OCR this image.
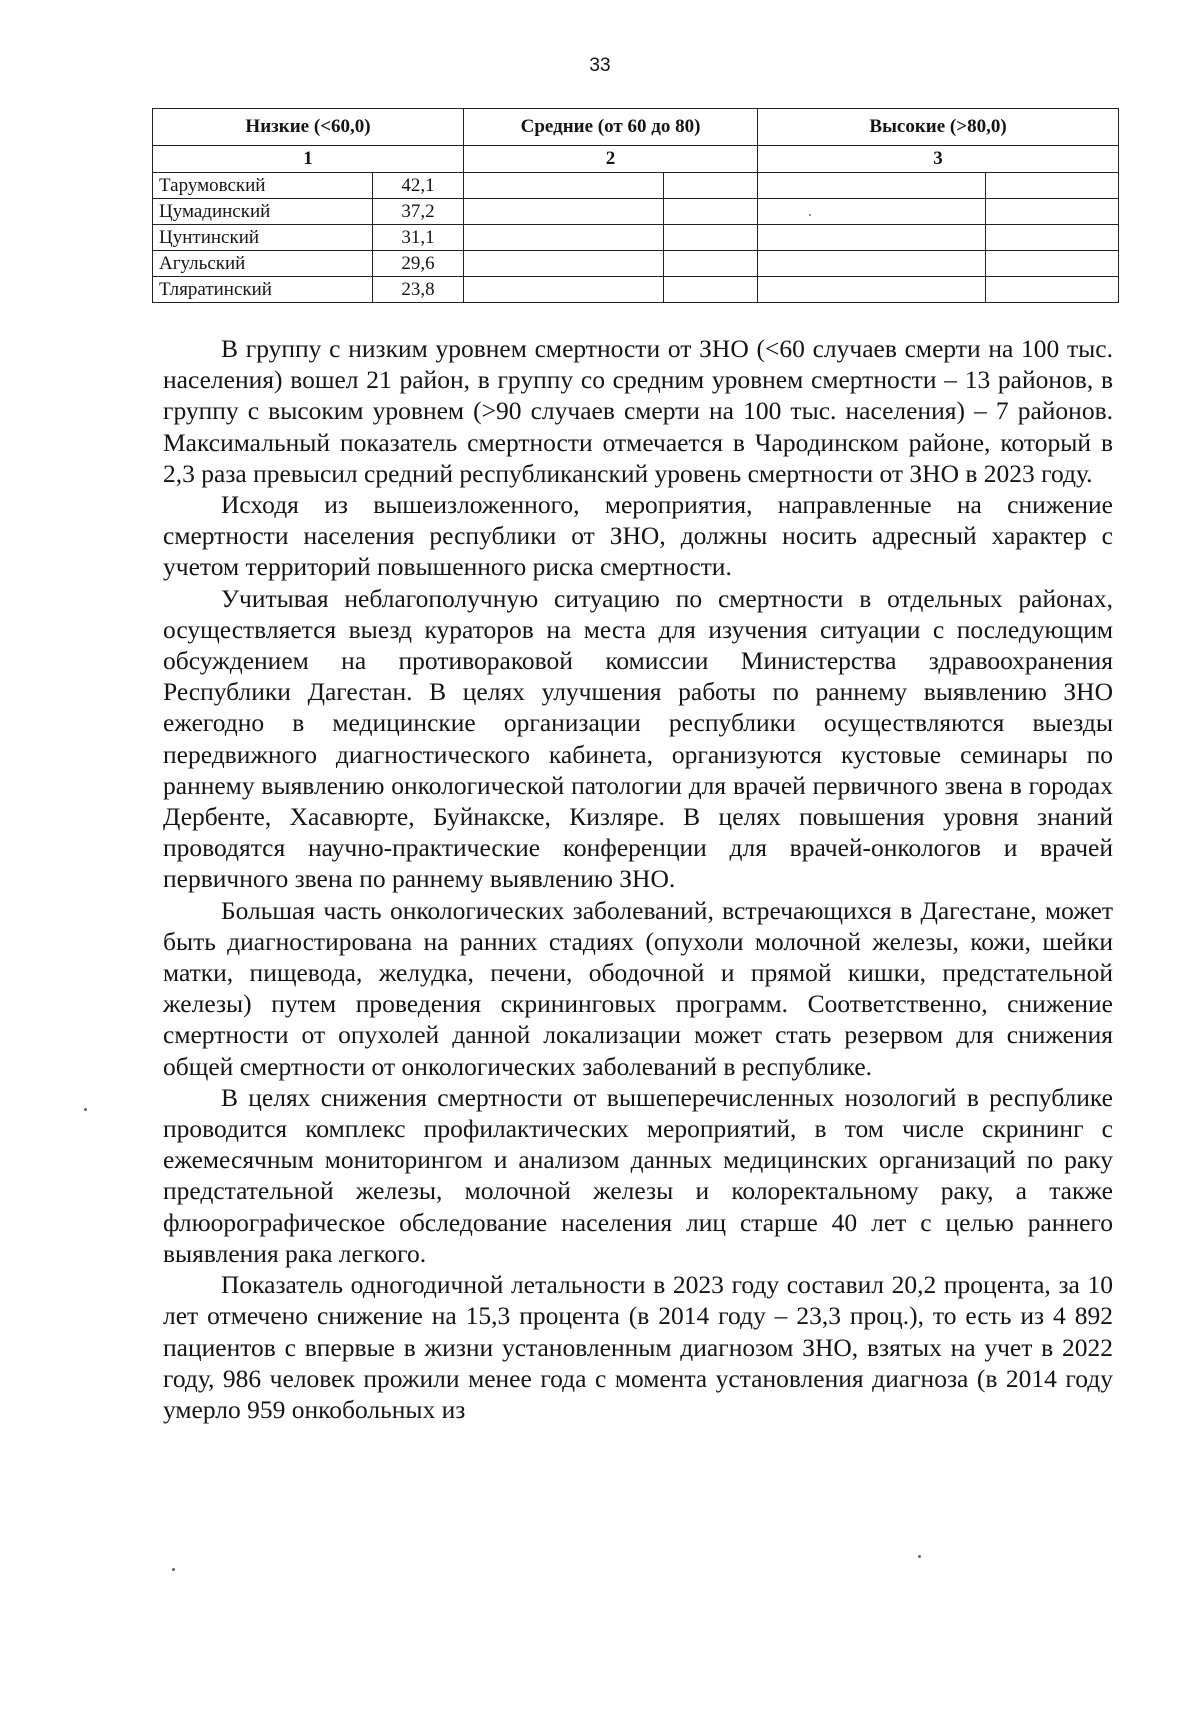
33
Низкие (<60,0)		Средние (от 60 до 80)		Высокие (>80,0)	
1		2		3	
Тарумовский	42,1				
Цумадинский	37,2				
Цунтинский	31,1				
Агульский	29,6				
Тляратинский	23,8				

В группу с низким уровнем смертности от ЗНО (<60 случаев смерти на 100 тыс. населения) вошел 21 район, в группу со средним уровнем смертности – 13 районов, в группу с высоким уровнем (>90 случаев смерти на 100 тыс. населения) – 7 районов. Максимальный показатель смертности отмечается в Чародинском районе, который в 2,3 раза превысил средний республиканский уровень смертности от ЗНО в 2023 году.

Исходя из вышеизложенного, мероприятия, направленные на снижение смертности населения республики от ЗНО, должны носить адресный характер с учетом территорий повышенного риска смертности.

Учитывая неблагополучную ситуацию по смертности в отдельных районах, осуществляется выезд кураторов на места для изучения ситуации с последующим обсуждением на противораковой комиссии Министерства здравоохранения Республики Дагестан. В целях улучшения работы по раннему выявлению ЗНО ежегодно в медицинские организации республики осуществляются выезды передвижного диагностического кабинета, организуются кустовые семинары по раннему выявлению онкологической патологии для врачей первичного звена в городах Дербенте, Хасавюрте, Буйнакске, Кизляре. В целях повышения уровня знаний проводятся научно-практические конференции для врачей-онкологов и врачей первичного звена по раннему выявлению ЗНО.

Большая часть онкологических заболеваний, встречающихся в Дагестане, может быть диагностирована на ранних стадиях (опухоли молочной железы, кожи, шейки матки, пищевода, желудка, печени, ободочной и прямой кишки, предстательной железы) путем проведения скрининговых программ. Соответственно, снижение смертности от опухолей данной локализации может стать резервом для снижения общей смертности от онкологических заболеваний в республике.

В целях снижения смертности от вышеперечисленных нозологий в республике проводится комплекс профилактических мероприятий, в том числе скрининг с ежемесячным мониторингом и анализом данных медицинских организаций по раку предстательной железы, молочной железы и колоректальному раку, а также флюорографическое обследование населения лиц старше 40 лет с целью раннего выявления рака легкого.

Показатель одногодичной летальности в 2023 году составил 20,2 процента, за 10 лет отмечено снижение на 15,3 процента (в 2014 году – 23,3 проц.), то есть из 4 892 пациентов с впервые в жизни установленным диагнозом ЗНО, взятых на учет в 2022 году, 986 человек прожили менее года с момента установления диагноза (в 2014 году умерло 959 онкобольных из
